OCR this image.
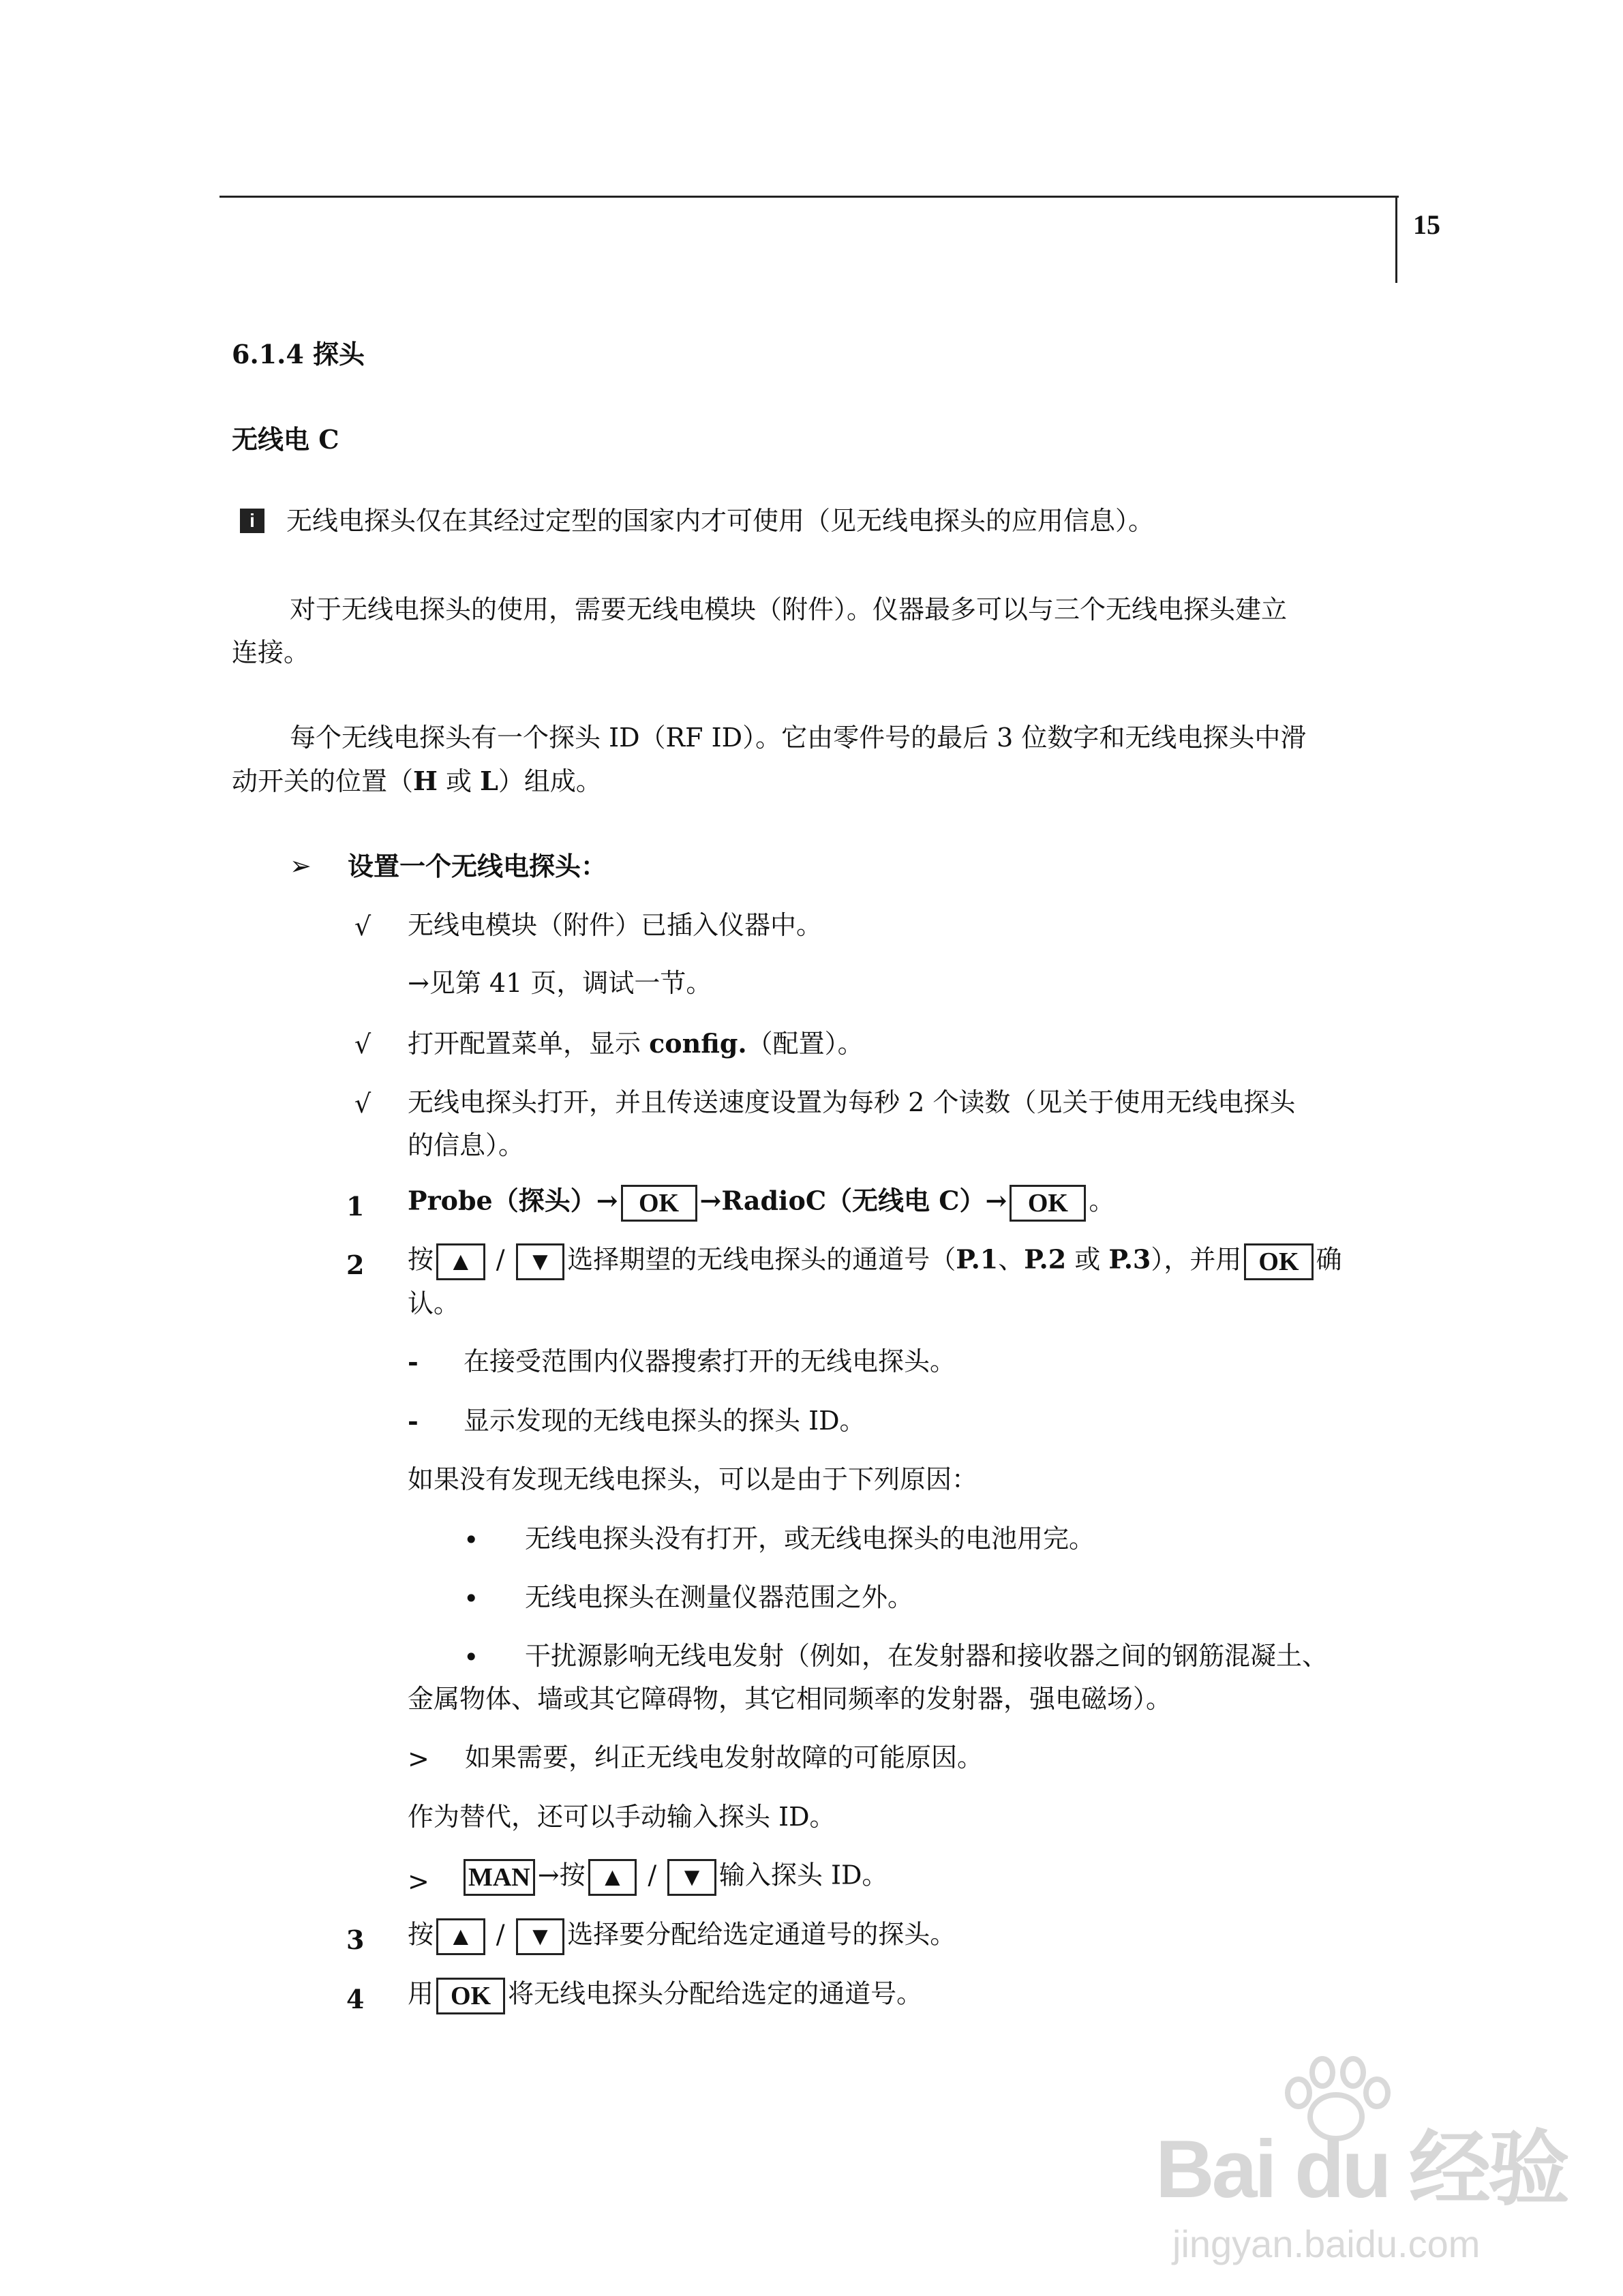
15
6.1.4 探头
无线电 C
i	无线电探头仅在其经过定型的国家内才可使用（见无线电探头的应用信息）。
对于无线电探头的使用，需要无线电模块（附件）。仪器最多可以与三个无线电探头建立
连接。
每个无线电探头有一个探头 ID（RF ID）。它由零件号的最后 3 位数字和无线电探头中滑
动开关的位置（H 或 L）组成。
➢ 设置一个无线电探头：
√ 无线电模块（附件）已插入仪器中。
→见第 41 页，调试一节。
√ 打开配置菜单，显示 config.（配置）。
√ 无线电探头打开，并且传送速度设置为每秒 2 个读数（见关于使用无线电探头
的信息）。
1 Probe（探头）→ OK →RadioC（无线电 C）→ OK 。
2 按 ▲ / ▼ 选择期望的无线电探头的通道号（P.1、P.2 或 P.3），并用 OK 确
认。
- 在接受范围内仪器搜索打开的无线电探头。
- 显示发现的无线电探头的探头 ID。
如果没有发现无线电探头，可以是由于下列原因：
• 无线电探头没有打开，或无线电探头的电池用完。
• 无线电探头在测量仪器范围之外。
• 干扰源影响无线电发射（例如，在发射器和接收器之间的钢筋混凝土、
金属物体、墙或其它障碍物，其它相同频率的发射器，强电磁场）。
> 如果需要，纠正无线电发射故障的可能原因。
作为替代，还可以手动输入探头 ID。
> MAN →按 ▲ / ▼ 输入探头 ID。
3 按 ▲ / ▼ 选择要分配给选定通道号的探头。
4 用 OK 将无线电探头分配给选定的通道号。
Bai du 经验
jingyan.baidu.com
